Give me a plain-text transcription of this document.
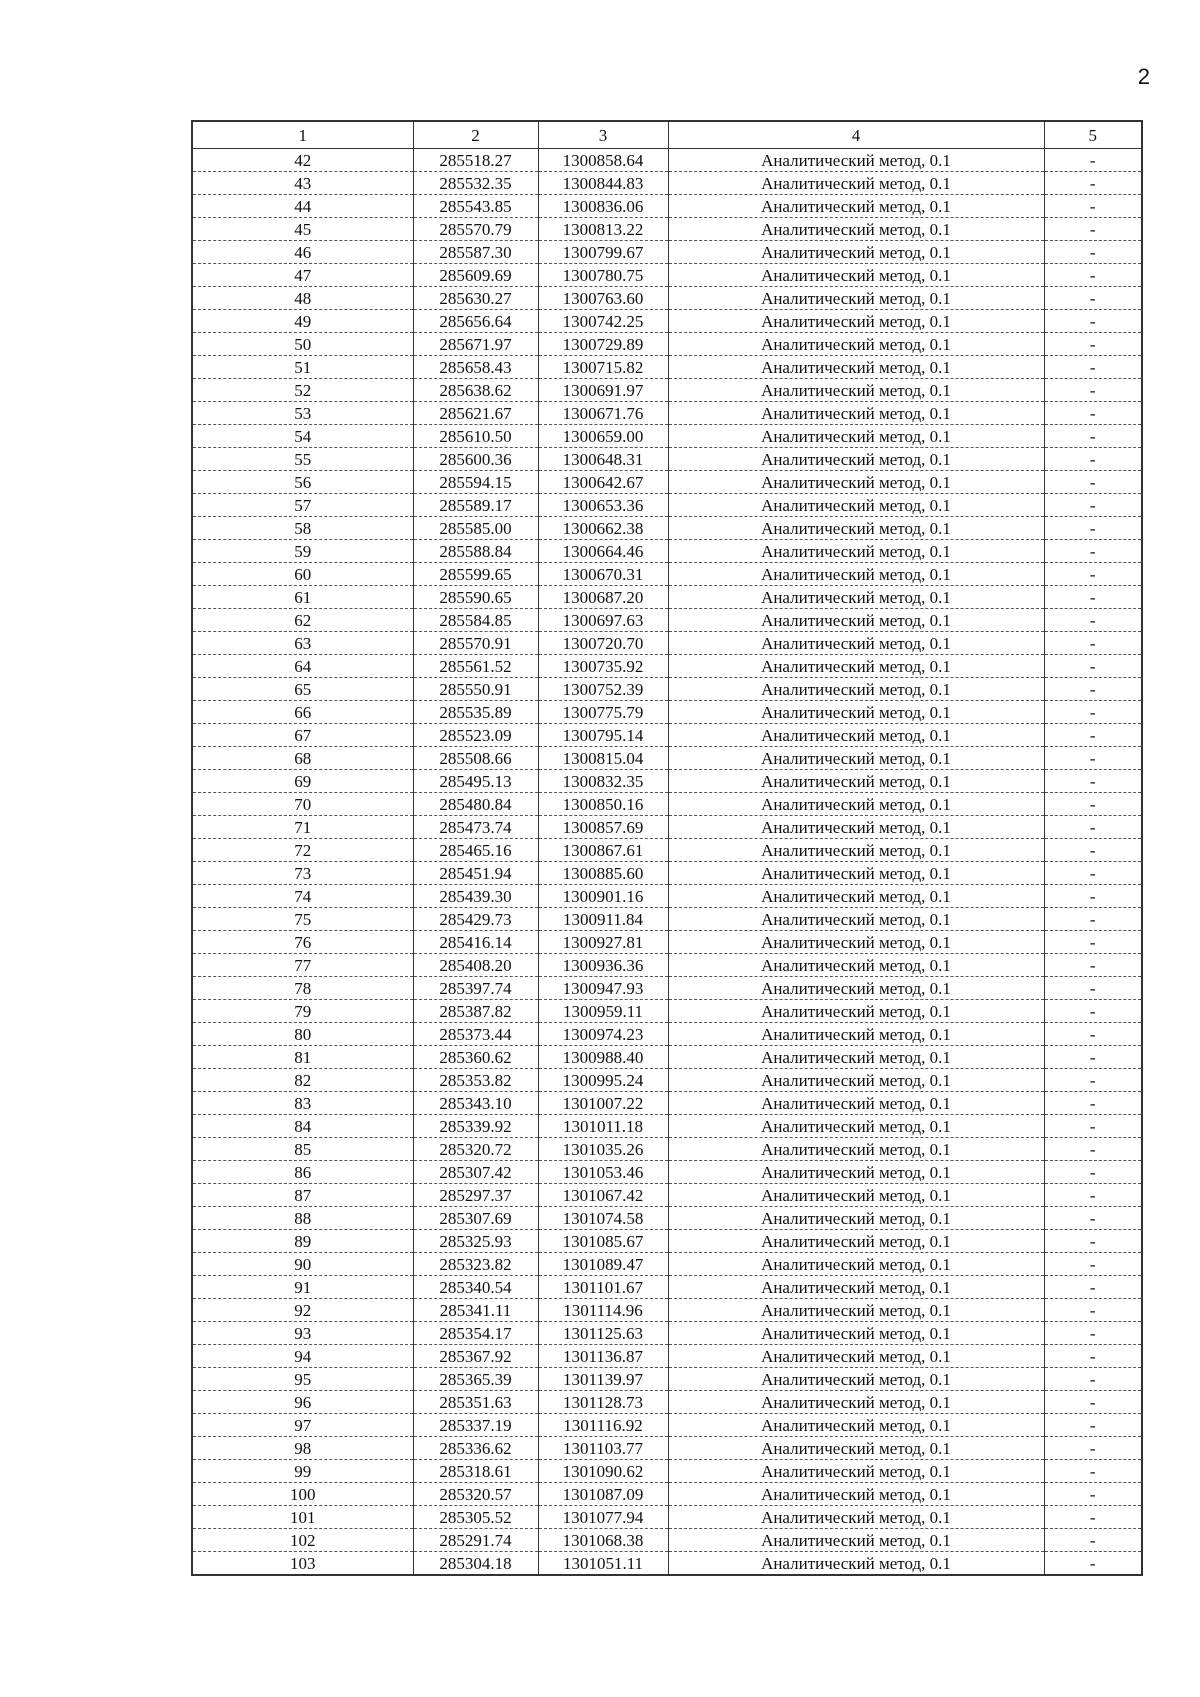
2
1	2	3	4	5
42	285518.27	1300858.64	Аналитический метод, 0.1	-
43	285532.35	1300844.83	Аналитический метод, 0.1	-
44	285543.85	1300836.06	Аналитический метод, 0.1	-
45	285570.79	1300813.22	Аналитический метод, 0.1	-
46	285587.30	1300799.67	Аналитический метод, 0.1	-
47	285609.69	1300780.75	Аналитический метод, 0.1	-
48	285630.27	1300763.60	Аналитический метод, 0.1	-
49	285656.64	1300742.25	Аналитический метод, 0.1	-
50	285671.97	1300729.89	Аналитический метод, 0.1	-
51	285658.43	1300715.82	Аналитический метод, 0.1	-
52	285638.62	1300691.97	Аналитический метод, 0.1	-
53	285621.67	1300671.76	Аналитический метод, 0.1	-
54	285610.50	1300659.00	Аналитический метод, 0.1	-
55	285600.36	1300648.31	Аналитический метод, 0.1	-
56	285594.15	1300642.67	Аналитический метод, 0.1	-
57	285589.17	1300653.36	Аналитический метод, 0.1	-
58	285585.00	1300662.38	Аналитический метод, 0.1	-
59	285588.84	1300664.46	Аналитический метод, 0.1	-
60	285599.65	1300670.31	Аналитический метод, 0.1	-
61	285590.65	1300687.20	Аналитический метод, 0.1	-
62	285584.85	1300697.63	Аналитический метод, 0.1	-
63	285570.91	1300720.70	Аналитический метод, 0.1	-
64	285561.52	1300735.92	Аналитический метод, 0.1	-
65	285550.91	1300752.39	Аналитический метод, 0.1	-
66	285535.89	1300775.79	Аналитический метод, 0.1	-
67	285523.09	1300795.14	Аналитический метод, 0.1	-
68	285508.66	1300815.04	Аналитический метод, 0.1	-
69	285495.13	1300832.35	Аналитический метод, 0.1	-
70	285480.84	1300850.16	Аналитический метод, 0.1	-
71	285473.74	1300857.69	Аналитический метод, 0.1	-
72	285465.16	1300867.61	Аналитический метод, 0.1	-
73	285451.94	1300885.60	Аналитический метод, 0.1	-
74	285439.30	1300901.16	Аналитический метод, 0.1	-
75	285429.73	1300911.84	Аналитический метод, 0.1	-
76	285416.14	1300927.81	Аналитический метод, 0.1	-
77	285408.20	1300936.36	Аналитический метод, 0.1	-
78	285397.74	1300947.93	Аналитический метод, 0.1	-
79	285387.82	1300959.11	Аналитический метод, 0.1	-
80	285373.44	1300974.23	Аналитический метод, 0.1	-
81	285360.62	1300988.40	Аналитический метод, 0.1	-
82	285353.82	1300995.24	Аналитический метод, 0.1	-
83	285343.10	1301007.22	Аналитический метод, 0.1	-
84	285339.92	1301011.18	Аналитический метод, 0.1	-
85	285320.72	1301035.26	Аналитический метод, 0.1	-
86	285307.42	1301053.46	Аналитический метод, 0.1	-
87	285297.37	1301067.42	Аналитический метод, 0.1	-
88	285307.69	1301074.58	Аналитический метод, 0.1	-
89	285325.93	1301085.67	Аналитический метод, 0.1	-
90	285323.82	1301089.47	Аналитический метод, 0.1	-
91	285340.54	1301101.67	Аналитический метод, 0.1	-
92	285341.11	1301114.96	Аналитический метод, 0.1	-
93	285354.17	1301125.63	Аналитический метод, 0.1	-
94	285367.92	1301136.87	Аналитический метод, 0.1	-
95	285365.39	1301139.97	Аналитический метод, 0.1	-
96	285351.63	1301128.73	Аналитический метод, 0.1	-
97	285337.19	1301116.92	Аналитический метод, 0.1	-
98	285336.62	1301103.77	Аналитический метод, 0.1	-
99	285318.61	1301090.62	Аналитический метод, 0.1	-
100	285320.57	1301087.09	Аналитический метод, 0.1	-
101	285305.52	1301077.94	Аналитический метод, 0.1	-
102	285291.74	1301068.38	Аналитический метод, 0.1	-
103	285304.18	1301051.11	Аналитический метод, 0.1	-
